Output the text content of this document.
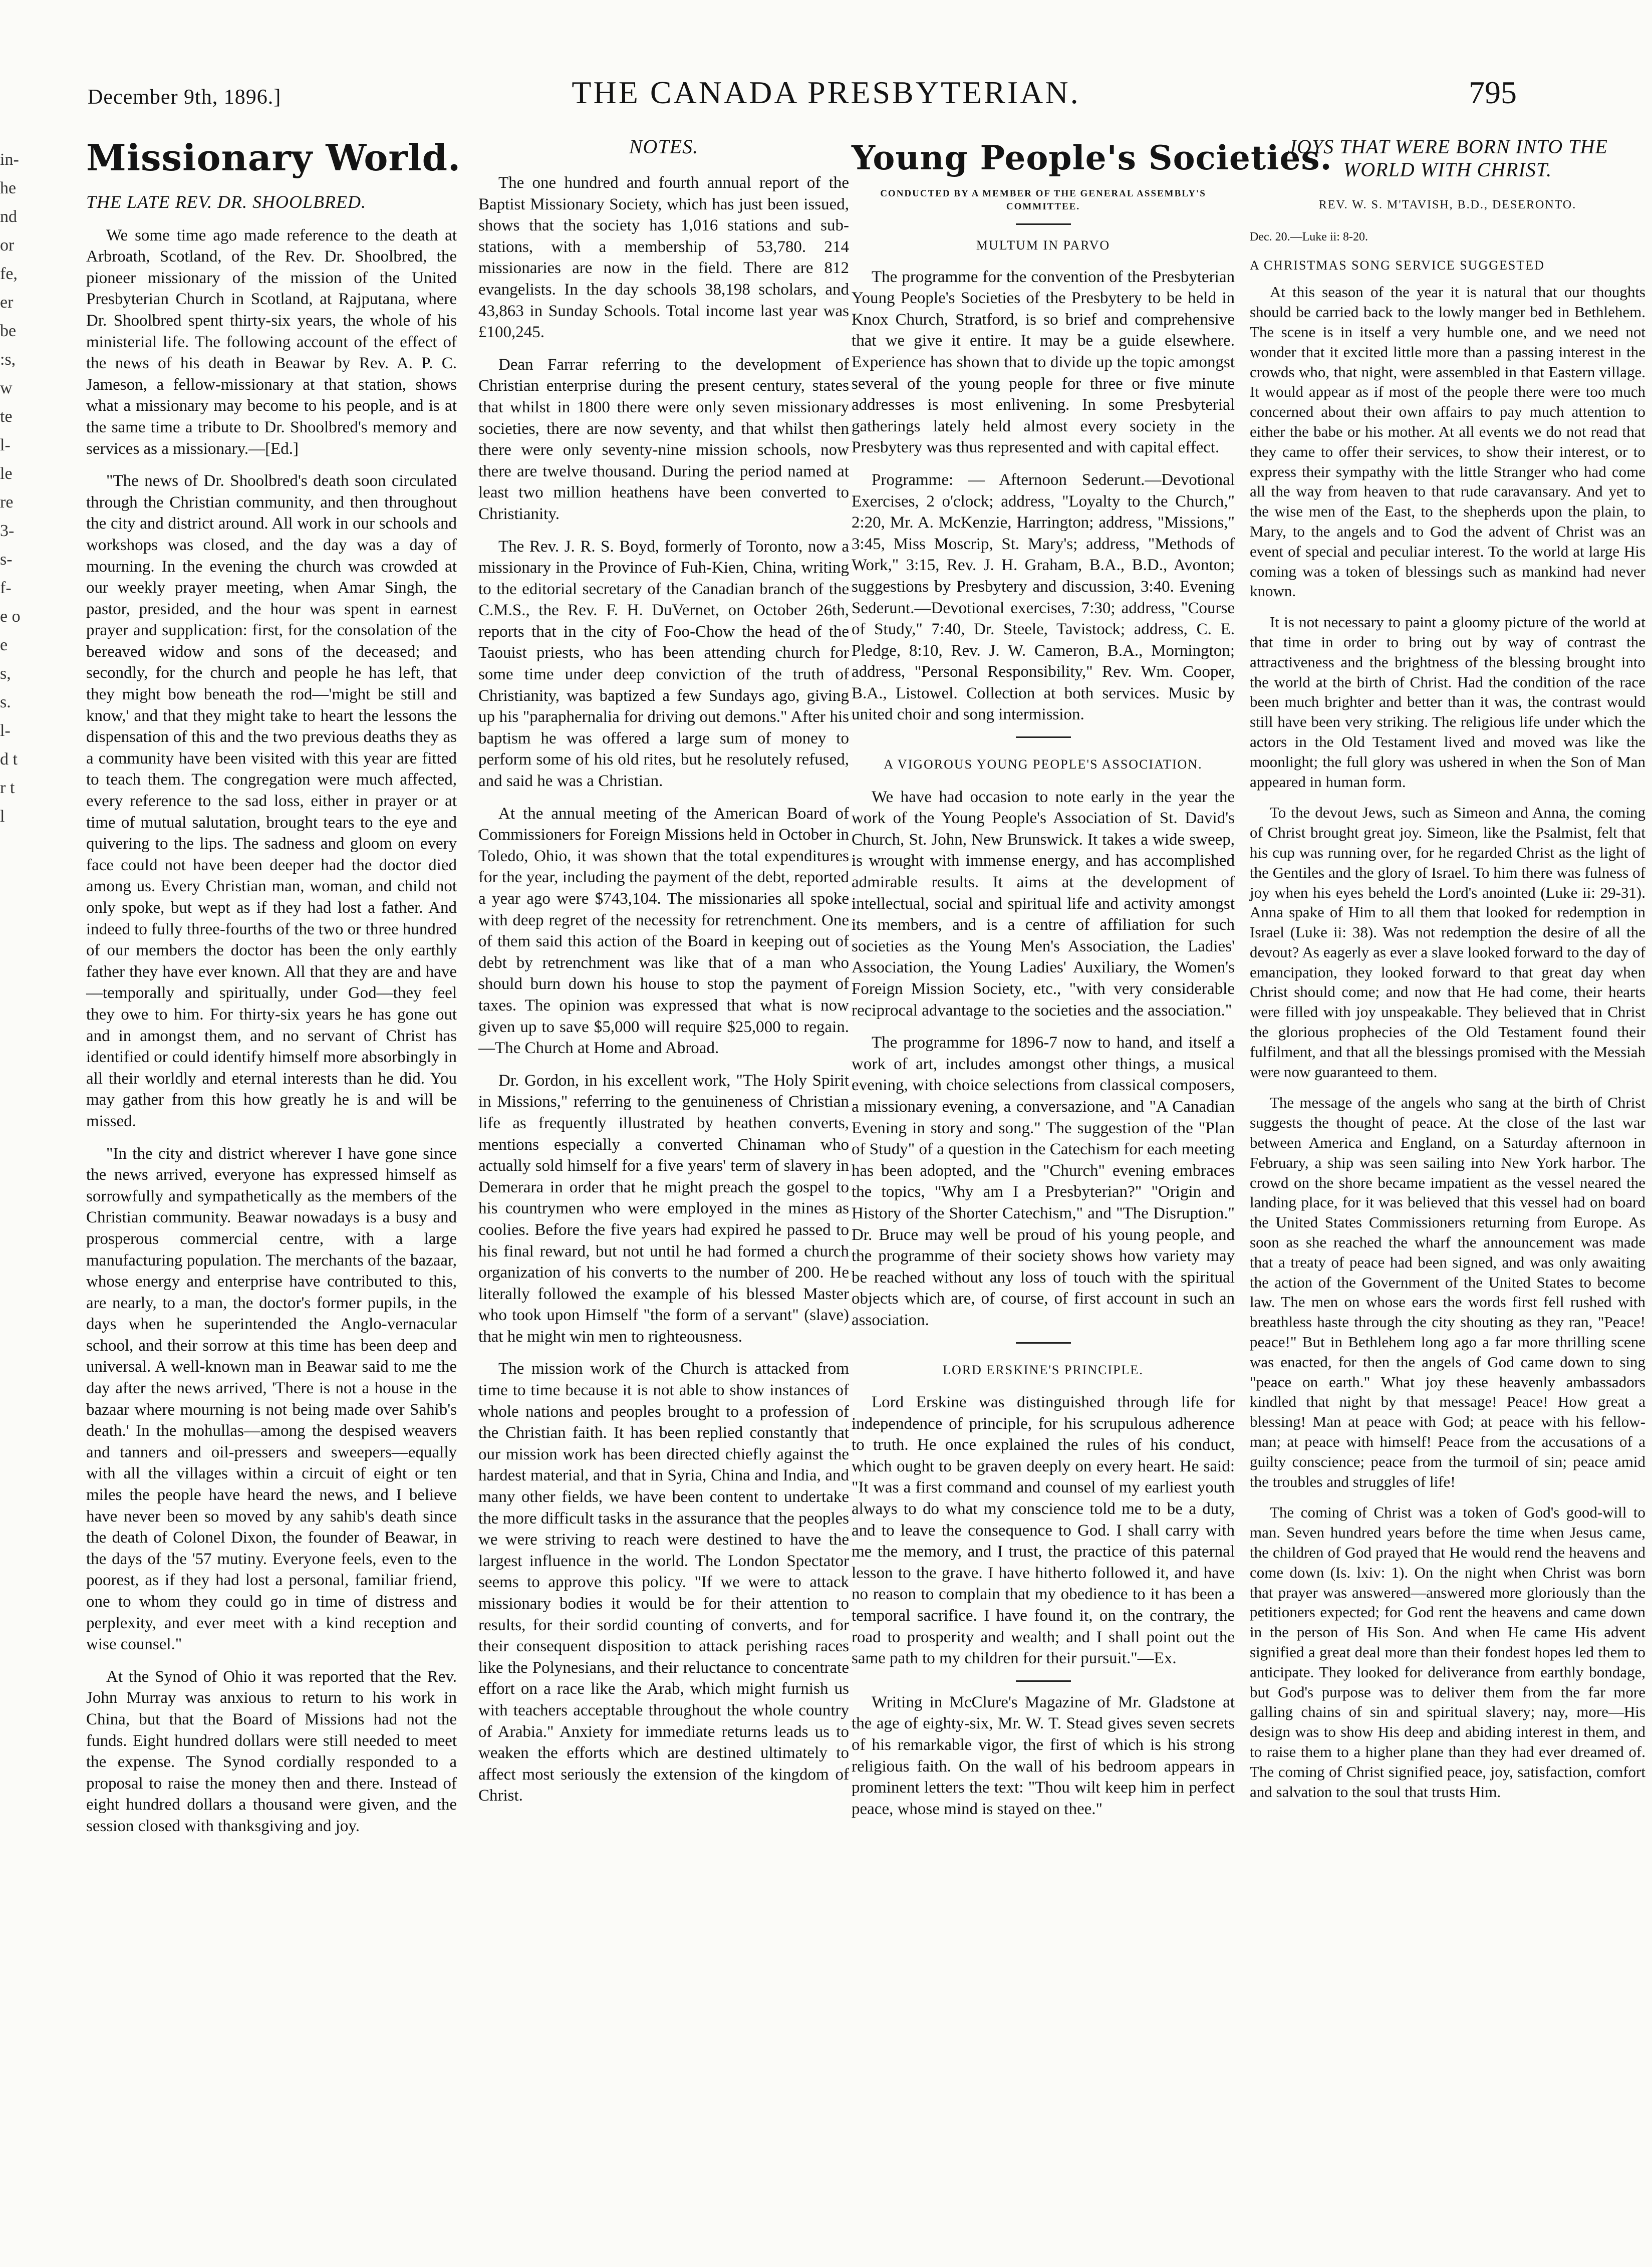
December 9th, 1896.]	THE CANADA PRESBYTERIAN.	795
in- he nd or fe, er be :s, w te l- le re 3- s- f- e o e s, s. l- d t r t l
Missionary World.
THE LATE REV. DR. SHOOLBRED.

We some time ago made reference to the death at Arbroath, Scotland, of the Rev. Dr. Shoolbred, the pioneer missionary of the mission of the United Presbyterian Church in Scotland, at Rajputana, where Dr. Shoolbred spent thirty-six years, the whole of his ministerial life. The following account of the effect of the news of his death in Beawar by Rev. A. P. C. Jameson, a fellow-missionary at that station, shows what a missionary may become to his people, and is at the same time a tribute to Dr. Shoolbred's memory and services as a missionary.—[Ed.]

"The news of Dr. Shoolbred's death soon circulated through the Christian community, and then throughout the city and district around. All work in our schools and workshops was closed, and the day was a day of mourning. In the evening the church was crowded at our weekly prayer meeting, when Amar Singh, the pastor, presided, and the hour was spent in earnest prayer and supplication: first, for the consolation of the bereaved widow and sons of the deceased; and secondly, for the church and people he has left, that they might bow beneath the rod—'might be still and know,' and that they might take to heart the lessons the dispensation of this and the two previous deaths they as a community have been visited with this year are fitted to teach them. The congregation were much affected, every reference to the sad loss, either in prayer or at time of mutual salutation, brought tears to the eye and quivering to the lips. The sadness and gloom on every face could not have been deeper had the doctor died among us. Every Christian man, woman, and child not only spoke, but wept as if they had lost a father. And indeed to fully three-fourths of the two or three hundred of our members the doctor has been the only earthly father they have ever known. All that they are and have—temporally and spiritually, under God—they feel they owe to him. For thirty-six years he has gone out and in amongst them, and no servant of Christ has identified or could identify himself more absorbingly in all their worldly and eternal interests than he did. You may gather from this how greatly he is and will be missed.

"In the city and district wherever I have gone since the news arrived, everyone has expressed himself as sorrowfully and sympathetically as the members of the Christian community. Beawar nowadays is a busy and prosperous commercial centre, with a large manufacturing population. The merchants of the bazaar, whose energy and enterprise have contributed to this, are nearly, to a man, the doctor's former pupils, in the days when he superintended the Anglo-vernacular school, and their sorrow at this time has been deep and universal. A well-known man in Beawar said to me the day after the news arrived, 'There is not a house in the bazaar where mourning is not being made over Sahib's death.' In the mohullas—among the despised weavers and tanners and oil-pressers and sweepers—equally with all the villages within a circuit of eight or ten miles the people have heard the news, and I believe have never been so moved by any sahib's death since the death of Colonel Dixon, the founder of Beawar, in the days of the '57 mutiny. Everyone feels, even to the poorest, as if they had lost a personal, familiar friend, one to whom they could go in time of distress and perplexity, and ever meet with a kind reception and wise counsel."

At the Synod of Ohio it was reported that the Rev. John Murray was anxious to return to his work in China, but that the Board of Missions had not the funds. Eight hundred dollars were still needed to meet the expense. The Synod cordially responded to a proposal to raise the money then and there. Instead of eight hundred dollars a thousand were given, and the session closed with thanksgiving and joy.

NOTES.

The one hundred and fourth annual report of the Baptist Missionary Society, which has just been issued, shows that the society has 1,016 stations and sub-stations, with a membership of 53,780. 214 missionaries are now in the field. There are 812 evangelists. In the day schools 38,198 scholars, and 43,863 in Sunday Schools. Total income last year was £100,245.

Dean Farrar referring to the development of Christian enterprise during the present century, states that whilst in 1800 there were only seven missionary societies, there are now seventy, and that whilst then there were only seventy-nine mission schools, now there are twelve thousand. During the period named at least two million heathens have been converted to Christianity.

The Rev. J. R. S. Boyd, formerly of Toronto, now a missionary in the Province of Fuh-Kien, China, writing to the editorial secretary of the Canadian branch of the C.M.S., the Rev. F. H. DuVernet, on October 26th, reports that in the city of Foo-Chow the head of the Taouist priests, who has been attending church for some time under deep conviction of the truth of Christianity, was baptized a few Sundays ago, giving up his "paraphernalia for driving out demons." After his baptism he was offered a large sum of money to perform some of his old rites, but he resolutely refused, and said he was a Christian.

At the annual meeting of the American Board of Commissioners for Foreign Missions held in October in Toledo, Ohio, it was shown that the total expenditures for the year, including the payment of the debt, reported a year ago were $743,104. The missionaries all spoke with deep regret of the necessity for retrenchment. One of them said this action of the Board in keeping out of debt by retrenchment was like that of a man who should burn down his house to stop the payment of taxes. The opinion was expressed that what is now given up to save $5,000 will require $25,000 to regain.—The Church at Home and Abroad.

Dr. Gordon, in his excellent work, "The Holy Spirit in Missions," referring to the genuineness of Christian life as frequently illustrated by heathen converts, mentions especially a converted Chinaman who actually sold himself for a five years' term of slavery in Demerara in order that he might preach the gospel to his countrymen who were employed in the mines as coolies. Before the five years had expired he passed to his final reward, but not until he had formed a church organization of his converts to the number of 200. He literally followed the example of his blessed Master who took upon Himself "the form of a servant" (slave) that he might win men to righteousness.

The mission work of the Church is attacked from time to time because it is not able to show instances of whole nations and peoples brought to a profession of the Christian faith. It has been replied constantly that our mission work has been directed chiefly against the hardest material, and that in Syria, China and India, and many other fields, we have been content to undertake the more difficult tasks in the assurance that the peoples we were striving to reach were destined to have the largest influence in the world. The London Spectator seems to approve this policy. "If we were to attack missionary bodies it would be for their attention to results, for their sordid counting of converts, and for their consequent disposition to attack perishing races like the Polynesians, and their reluctance to concentrate effort on a race like the Arab, which might furnish us with teachers acceptable throughout the whole country of Arabia." Anxiety for immediate returns leads us to weaken the efforts which are destined ultimately to affect most seriously the extension of the kingdom of Christ.

Young People's Societies.
CONDUCTED BY A MEMBER OF THE GENERAL ASSEMBLY'S COMMITTEE.
MULTUM IN PARVO

The programme for the convention of the Presbyterian Young People's Societies of the Presbytery to be held in Knox Church, Stratford, is so brief and comprehensive that we give it entire. It may be a guide elsewhere. Experience has shown that to divide up the topic amongst several of the young people for three or five minute addresses is most enlivening. In some Presbyterial gatherings lately held almost every society in the Presbytery was thus represented and with capital effect.

Programme: — Afternoon Sederunt.—Devotional Exercises, 2 o'clock; address, "Loyalty to the Church," 2:20, Mr. A. McKenzie, Harrington; address, "Missions," 3:45, Miss Moscrip, St. Mary's; address, "Methods of Work," 3:15, Rev. J. H. Graham, B.A., B.D., Avonton; suggestions by Presbytery and discussion, 3:40. Evening Sederunt.—Devotional exercises, 7:30; address, "Course of Study," 7:40, Dr. Steele, Tavistock; address, C. E. Pledge, 8:10, Rev. J. W. Cameron, B.A., Mornington; address, "Personal Responsibility," Rev. Wm. Cooper, B.A., Listowel. Collection at both services. Music by united choir and song intermission.

A VIGOROUS YOUNG PEOPLE'S ASSOCIATION.

We have had occasion to note early in the year the work of the Young People's Association of St. David's Church, St. John, New Brunswick. It takes a wide sweep, is wrought with immense energy, and has accomplished admirable results. It aims at the development of intellectual, social and spiritual life and activity amongst its members, and is a centre of affiliation for such societies as the Young Men's Association, the Ladies' Association, the Young Ladies' Auxiliary, the Women's Foreign Mission Society, etc., "with very considerable reciprocal advantage to the societies and the association."

The programme for 1896-7 now to hand, and itself a work of art, includes amongst other things, a musical evening, with choice selections from classical composers, a missionary evening, a conversazione, and "A Canadian Evening in story and song." The suggestion of the "Plan of Study" of a question in the Catechism for each meeting has been adopted, and the "Church" evening embraces the topics, "Why am I a Presbyterian?" "Origin and History of the Shorter Catechism," and "The Disruption." Dr. Bruce may well be proud of his young people, and the programme of their society shows how variety may be reached without any loss of touch with the spiritual objects which are, of course, of first account in such an association.

LORD ERSKINE'S PRINCIPLE.

Lord Erskine was distinguished through life for independence of principle, for his scrupulous adherence to truth. He once explained the rules of his conduct, which ought to be graven deeply on every heart. He said: "It was a first command and counsel of my earliest youth always to do what my conscience told me to be a duty, and to leave the consequence to God. I shall carry with me the memory, and I trust, the practice of this paternal lesson to the grave. I have hitherto followed it, and have no reason to complain that my obedience to it has been a temporal sacrifice. I have found it, on the contrary, the road to prosperity and wealth; and I shall point out the same path to my children for their pursuit."—Ex.

Writing in McClure's Magazine of Mr. Gladstone at the age of eighty-six, Mr. W. T. Stead gives seven secrets of his remarkable vigor, the first of which is his strong religious faith. On the wall of his bedroom appears in prominent letters the text: "Thou wilt keep him in perfect peace, whose mind is stayed on thee."

JOYS THAT WERE BORN INTO THE WORLD WITH CHRIST.
REV. W. S. M'TAVISH, B.D., DESERONTO.
Dec. 20.—Luke ii: 8-20.
A CHRISTMAS SONG SERVICE SUGGESTED

At this season of the year it is natural that our thoughts should be carried back to the lowly manger bed in Bethlehem. The scene is in itself a very humble one, and we need not wonder that it excited little more than a passing interest in the crowds who, that night, were assembled in that Eastern village. It would appear as if most of the people there were too much concerned about their own affairs to pay much attention to either the babe or his mother. At all events we do not read that they came to offer their services, to show their interest, or to express their sympathy with the little Stranger who had come all the way from heaven to that rude caravansary. And yet to the wise men of the East, to the shepherds upon the plain, to Mary, to the angels and to God the advent of Christ was an event of special and peculiar interest. To the world at large His coming was a token of blessings such as mankind had never known.

It is not necessary to paint a gloomy picture of the world at that time in order to bring out by way of contrast the attractiveness and the brightness of the blessing brought into the world at the birth of Christ. Had the condition of the race been much brighter and better than it was, the contrast would still have been very striking. The religious life under which the actors in the Old Testament lived and moved was like the moonlight; the full glory was ushered in when the Son of Man appeared in human form.

To the devout Jews, such as Simeon and Anna, the coming of Christ brought great joy. Simeon, like the Psalmist, felt that his cup was running over, for he regarded Christ as the light of the Gentiles and the glory of Israel. To him there was fulness of joy when his eyes beheld the Lord's anointed (Luke ii: 29-31). Anna spake of Him to all them that looked for redemption in Israel (Luke ii: 38). Was not redemption the desire of all the devout? As eagerly as ever a slave looked forward to the day of emancipation, they looked forward to that great day when Christ should come; and now that He had come, their hearts were filled with joy unspeakable. They believed that in Christ the glorious prophecies of the Old Testament found their fulfilment, and that all the blessings promised with the Messiah were now guaranteed to them.

The message of the angels who sang at the birth of Christ suggests the thought of peace. At the close of the last war between America and England, on a Saturday afternoon in February, a ship was seen sailing into New York harbor. The crowd on the shore became impatient as the vessel neared the landing place, for it was believed that this vessel had on board the United States Commissioners returning from Europe. As soon as she reached the wharf the announcement was made that a treaty of peace had been signed, and was only awaiting the action of the Government of the United States to become law. The men on whose ears the words first fell rushed with breathless haste through the city shouting as they ran, "Peace! peace!" But in Bethlehem long ago a far more thrilling scene was enacted, for then the angels of God came down to sing "peace on earth." What joy these heavenly ambassadors kindled that night by that message! Peace! How great a blessing! Man at peace with God; at peace with his fellow-man; at peace with himself! Peace from the accusations of a guilty conscience; peace from the turmoil of sin; peace amid the troubles and struggles of life!

The coming of Christ was a token of God's good-will to man. Seven hundred years before the time when Jesus came, the children of God prayed that He would rend the heavens and come down (Is. lxiv: 1). On the night when Christ was born that prayer was answered—answered more gloriously than the petitioners expected; for God rent the heavens and came down in the person of His Son. And when He came His advent signified a great deal more than their fondest hopes led them to anticipate. They looked for deliverance from earthly bondage, but God's purpose was to deliver them from the far more galling chains of sin and spiritual slavery; nay, more—His design was to show His deep and abiding interest in them, and to raise them to a higher plane than they had ever dreamed of. The coming of Christ signified peace, joy, satisfaction, comfort and salvation to the soul that trusts Him.
